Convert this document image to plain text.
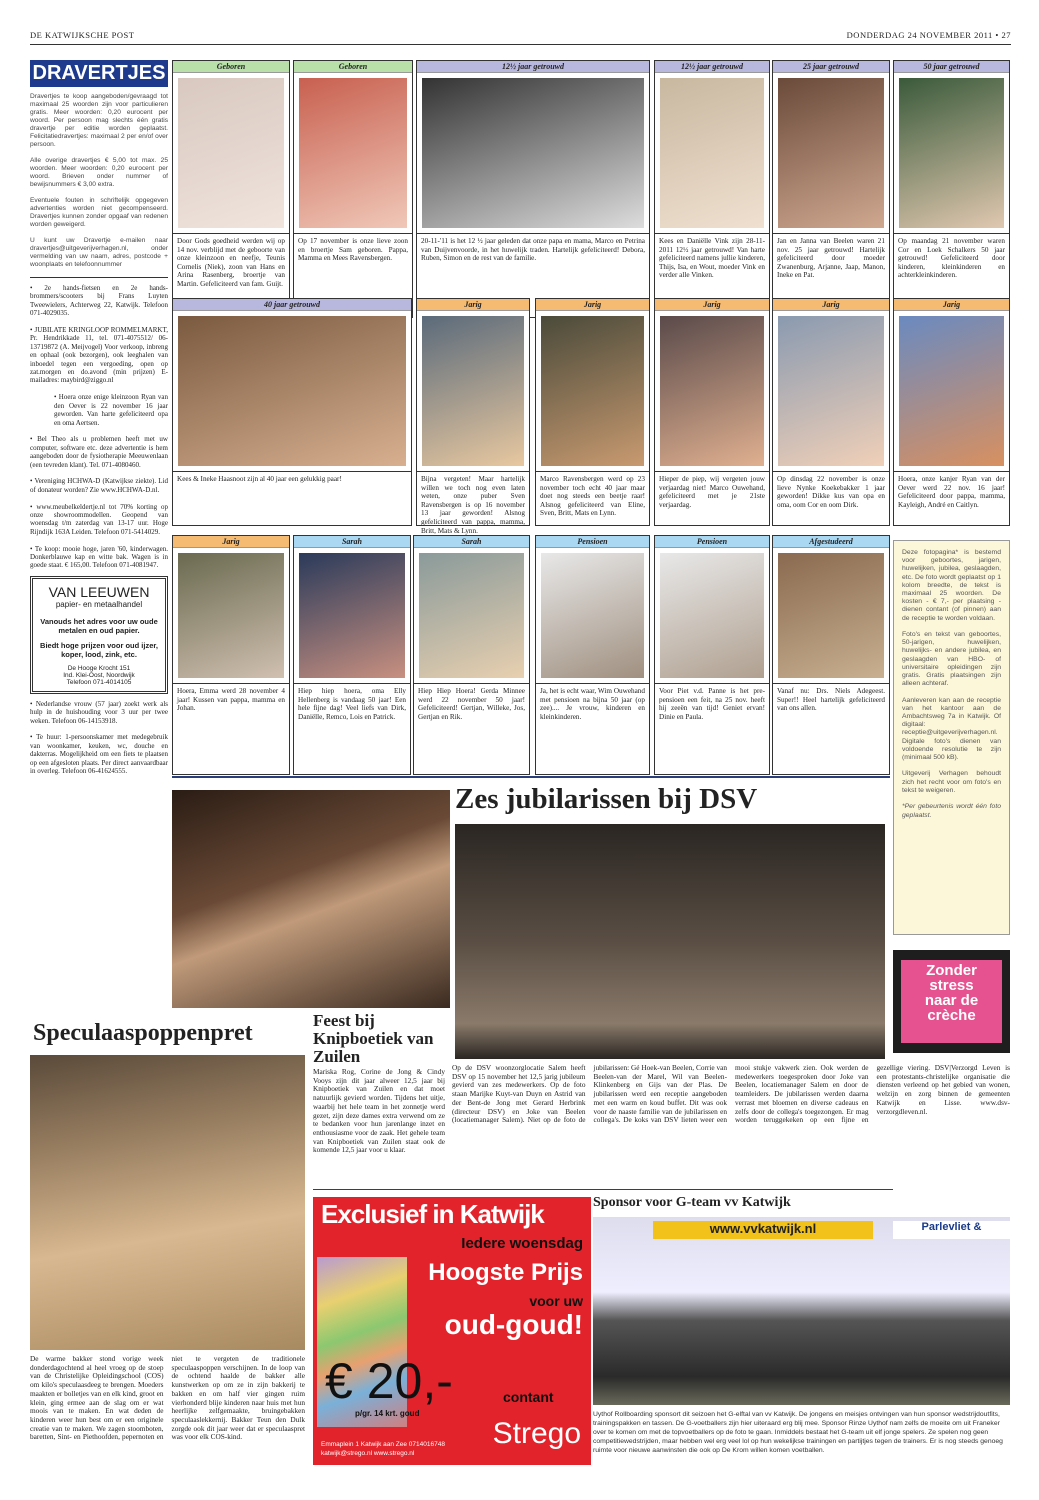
DE KATWIJKSCHE POST	DONDERDAG 24 NOVEMBER 2011 • 27
DRAVERTJES

Dravertjes te koop aangeboden/gevraagd tot maximaal 25 woorden zijn voor particulieren gratis. Meer woorden: 0,20 eurocent per woord. Per persoon mag slechts één gratis dravertje per editie worden geplaatst. Felicitatiedravertjes: maximaal 2 per en/of over persoon.

Alle overige dravertjes € 5,00 tot max. 25 woorden. Meer woorden: 0,20 eurocent per woord. Brieven onder nummer of bewijsnummers € 3,00 extra.

Eventuele fouten in schriftelijk opgegeven advertenties worden niet gecompenseerd. Dravertjes kunnen zonder opgaaf van redenen worden geweigerd.

U kunt uw Dravertje e-mailen naar dravertjes@uitgeverijverhagen.nl, onder vermelding van uw naam, adres, postcode + woonplaats en telefoonnummer

• 2e hands-fietsen en 2e hands-brommers/scooters bij Frans Luyten Tweewielers, Achterweg 22, Katwijk. Telefoon 071-4029035.

• JUBILATE KRINGLOOP ROMMELMARKT, Pr. Hendrikkade 11, tel. 071-4075512/ 06-13719872 (A. Meijvogel) Voor verkoop, inbreng en ophaal (ook bezorgen), ook leeghalen van inboedel tegen een vergoeding, open op zat.morgen en do.avond (min prijzen) E-mailadres: maybird@ziggo.nl

• Hoera onze enige kleinzoon Ryan van den Oever is 22 november 16 jaar geworden. Van harte gefeliciteerd opa en oma Aertsen.

• Bel Theo als u problemen heeft met uw computer, software etc. deze advertentie is hem aangeboden door de fysiotherapie Meeuwenlaan (een tevreden klant). Tel. 071-4080460.

• Vereniging HCHWA-D (Katwijkse ziekte). Lid of donateur worden? Zie www.HCHWA-D.nl.

• www.meubelkeldertje.nl tot 70% korting op onze showroommodellen. Geopend van woensdag t/m zaterdag van 13-17 uur. Hoge Rijndijk 163A Leiden. Telefoon 071-5414029.

• Te koop: mooie hoge, jaren '60, kinderwagen. Donkerblauwe kap en witte bak. Wagen is in goede staat. € 165,00. Telefoon 071-4081947.

VAN LEEUWEN
papier- en metaalhandel
Vanouds het adres voor uw oude metalen en oud papier.
Biedt hoge prijzen voor oud ijzer, koper, lood, zink, etc.
De Hooge Krocht 151
Ind. Klei-Oost, Noordwijk
Telefoon 071-4014105

• Nederlandse vrouw (57 jaar) zoekt werk als hulp in de huishouding voor 3 uur per twee weken. Telefoon 06-14153918.

• Te huur: 1-persoonskamer met medegebruik van woonkamer, keuken, wc, douche en dakterras. Mogelijkheid om een fiets te plaatsen op een afgesloten plaats. Per direct aanvaardbaar in overleg. Telefoon 06-41624555.

Geboren
Door Gods goedheid werden wij op 14 nov. verblijd met de geboorte van onze kleinzoon en neefje, Teunis Cornelis (Niek), zoon van Hans en Arina Rasenberg, broertje van Martin. Gefeliciteerd van fam. Guijt.
Geboren
Op 17 november is onze lieve zoon en broertje Sam geboren. Pappa, Mamma en Mees Ravensbergen.
12½ jaar getrouwd
20-11-'11 is het 12 ½ jaar geleden dat onze papa en mama, Marco en Petrina van Duijvenvoorde, in het huwelijk traden. Hartelijk gefeliciteerd! Debora, Ruben, Simon en de rest van de familie.
12½ jaar getrouwd
Kees en Daniëlle Vink zijn 28-11-2011 12½ jaar getrouwd! Van harte gefeliciteerd namens jullie kinderen, Thijs, Isa, en Wout, moeder Vink en verder alle Vinken.
25 jaar getrouwd
Jan en Janna van Beelen waren 21 nov. 25 jaar getrouwd! Hartelijk gefeliciteerd door moeder Zwanenburg, Arjanne, Jaap, Manon, Ineke en Pat.
50 jaar getrouwd
Op maandag 21 november waren Cor en Loek Schalkers 50 jaar getrouwd! Gefeliciteerd door kinderen, kleinkinderen en achterkleinkinderen.
40 jaar getrouwd
Kees & Ineke Haasnoot zijn al 40 jaar een gelukkig paar!
Jarig
Bijna vergeten! Maar hartelijk willen we toch nog even laten weten, onze puber Sven Ravensbergen is op 16 november 13 jaar geworden! Alsnog gefeliciteerd van pappa, mamma, Britt, Mats & Lynn.
Jarig
Marco Ravensbergen werd op 23 november toch echt 40 jaar maar doet nog steeds een beetje raar! Alsnog gefeliciteerd van Eline, Sven, Britt, Mats en Lynn.
Jarig
Hieper de piep, wij vergeten jouw verjaardag niet! Marco Ouwehand, gefeliciteerd met je 21ste verjaardag.
Jarig
Op dinsdag 22 november is onze lieve Nynke Koekebakker 1 jaar geworden! Dikke kus van opa en oma, oom Cor en oom Dirk.
Jarig
Hoera, onze kanjer Ryan van der Oever werd 22 nov. 16 jaar! Gefeliciteerd door pappa, mamma, Kayleigh, André en Caitlyn.
Jarig
Hoera, Emma werd 28 november 4 jaar! Kussen van pappa, mamma en Johan.
Sarah
Hiep hiep hoera, oma Elly Hellenberg is vandaag 50 jaar! Een hele fijne dag! Veel liefs van Dirk, Daniëlle, Remco, Lois en Patrick.
Sarah
Hiep Hiep Hoera! Gerda Minnee werd 22 november 50 jaar! Gefeliciteerd! Gertjan, Willeke, Jos, Gertjan en Rik.
Pensioen
Ja, het is echt waar, Wim Ouwehand met pensioen na bijna 50 jaar (op zee).... Je vrouw, kinderen en kleinkinderen.
Pensioen
Voor Piet v.d. Panne is het pre-pensioen een feit, na 25 nov. heeft hij zeeën van tijd! Geniet ervan! Dinie en Paula.
Afgestudeerd
Vanaf nu: Drs. Niels Adegeest. Super!! Heel hartelijk gefeliciteerd van ons allen.

Deze fotopagina* is bestemd voor geboortes, jarigen, huwelijken, jubilea, geslaagden, etc. De foto wordt geplaatst op 1 kolom breedte, de tekst is maximaal 25 woorden. De kosten - € 7,- per plaatsing - dienen contant (of pinnen) aan de receptie te worden voldaan.

Foto's en tekst van geboortes, 50-jarigen, huwelijken, huwelijks- en andere jubilea, en geslaagden van HBO- of universitaire opleidingen zijn gratis. Gratis plaatsingen zijn alleen achteraf.

Aanleveren kan aan de receptie van het kantoor aan de Ambachtsweg 7a in Katwijk. Of digitaal: receptie@uitgeverijverhagen.nl. Digitale foto's dienen van voldoende resolutie te zijn (minimaal 500 kB).

Uitgeverij Verhagen behoudt zich het recht voor om foto's en tekst te weigeren.

*Per gebeurtenis wordt één foto geplaatst.

Zes jubilarissen bij DSV
Op de DSV woonzorglocatie Salem heeft DSV op 15 november het 12,5 jarig jubileum gevierd van zes medewerkers. Op de foto staan Marijke Kuyt-van Duyn en Astrid van der Bent-de Jong met Gerard Herbrink (directeur DSV) en Joke van Beelen (locatiemanager Salem). Niet op de foto de jubilarissen: Gé Hoek-van Beelen, Corrie van Beelen-van der Marel, Wil van Beelen-Klinkenberg en Gijs van der Plas. De jubilarissen werd een receptie aangeboden met een warm en koud buffet. Dit was ook voor de naaste familie van de jubilarissen en collega's. De koks van DSV lieten weer een mooi stukje vakwerk zien. Ook werden de medewerkers toegesproken door Joke van Beelen, locatiemanager Salem en door de teamleiders. De jubilarissen werden daarna verrast met bloemen en diverse cadeaus en zelfs door de collega's toegezongen. Er mag worden teruggekeken op een fijne en gezellige viering. DSV|Verzorgd Leven is een protestants-christelijke organisatie die diensten verleend op het gebied van wonen, welzijn en zorg binnen de gemeenten Katwijk en Lisse. www.dsv-verzorgdleven.nl.
Zonder
stress
naar de
crèche
Speculaaspoppenpret
De warme bakker stond vorige week donderdagochtend al heel vroeg op de stoep van de Christelijke Opleidingschool (COS) om kilo's speculaasdeeg te brengen. Moeders maakten er bolletjes van en elk kind, groot en klein, ging ermee aan de slag om er wat moois van te maken. En wat deden de kinderen weer hun best om er een originele creatie van te maken. We zagen stoomboten, baretten, Sint- en Piethoofden, pepernoten en niet te vergeten de traditionele speculaaspoppen verschijnen. In de loop van de ochtend haalde de bakker alle kunstwerken op om ze in zijn bakkerij te bakken en om half vier gingen ruim vierhonderd blije kinderen naar huis met hun heerlijke zelfgemaakte, bruingebakken speculaaslekkernij. Bakker Teun den Dulk zorgde ook dit jaar weer dat er speculaaspret was voor elk COS-kind.
Feest bij Knipboetiek van Zuilen
Mariska Rog, Corine de Jong & Cindy Vooys zijn dit jaar alweer 12,5 jaar bij Knipboetiek van Zuilen en dat moet natuurlijk gevierd worden. Tijdens het uitje, waarbij het hele team in het zonnetje werd gezet, zijn deze dames extra verwend om ze te bedanken voor hun jarenlange inzet en enthousiasme voor de zaak. Het gehele team van Knipboetiek van Zuilen staat ook de komende 12,5 jaar voor u klaar.
Exclusief in Katwijk
Iedere woensdag
Hoogste Prijs
voor uw
oud-goud!
€ 20,-	contant
p/gr. 14 krt. goud
Strego
Emmaplein 1 Katwijk aan Zee 0714016748
katwijk@strego.nl www.strego.nl
Sponsor voor G-team vv Katwijk
www.vvkatwijk.nl	Parlevliet &
Uythof Rollboarding sponsort dit seizoen het G-elftal van vv Katwijk. De jongens en meisjes ontvingen van hun sponsor wedstrijdoutfits, trainingspakken en tassen. De G-voetballers zijn hier uiteraard erg blij mee. Sponsor Rinze Uythof nam zelfs de moeite om uit Franeker over te komen om met de topvoetballers op de foto te gaan. Inmiddels bestaat het G-team uit elf jonge spelers. Ze spelen nog geen competitiewedstrijden, maar hebben wel erg veel lol op hun wekelijkse trainingen en partijtjes tegen de trainers. Er is nog steeds genoeg ruimte voor nieuwe aanwinsten die ook op De Krom willen komen voetballen.
